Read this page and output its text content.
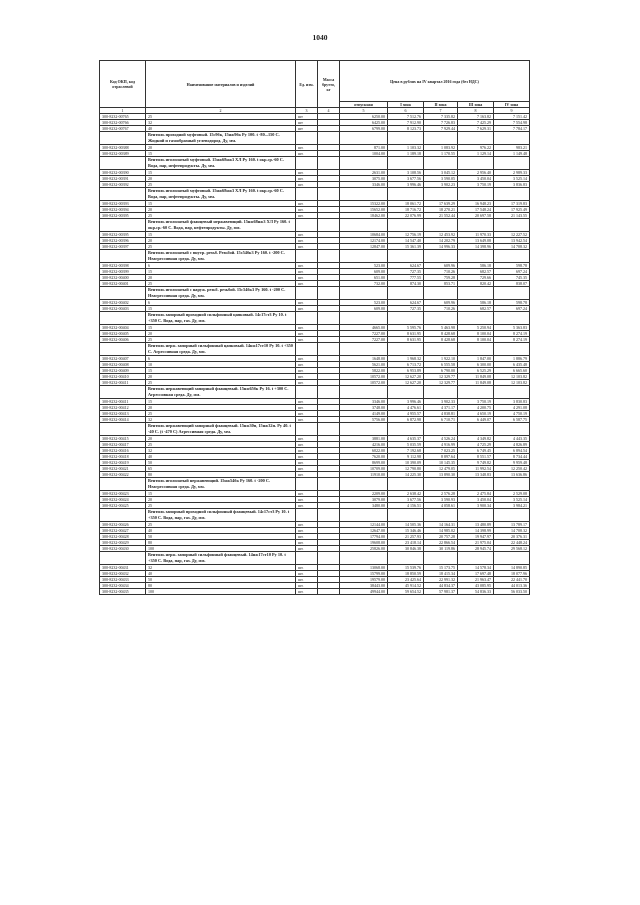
1040
Код ОКП, код отраслевой	Наименование материалов и изделий	Ед. изм.	Масса брутто, кг	Цена в рублях на IV квартал 2016 года (без НДС)				
				отпускная	I зона	II зона	III зона	IV зона
1	2	3	4	5	6	7	8	9
300-8232-00765	25	шт		6250.00	7 512.76	7 335.82	7 163.82	7 151.42
300-8232-00766	32	шт		6425.00	7 912.90	7 726.83	7 425.29	7 554.98
300-8232-00767	40	шт		6799.00	8 123.73	7 929.44	7 629.31	7 784.17
	Вентиль проходной муфтовый. 15с9бк, 15нж9бк Ру 100. t -80...150 С. Жидкий и газообразный углеводород. Ду, мм.							
300-8232-00388	20	шт.		871.00	1 103.32	1 083.92	976.22	983.21
300-8232-00389	15	шт.		1004.00	1 189.18	1 170.55	1 129.14	1 149.48
	Вентиль игольчатый муфтовый. 15нж68нж3 ХЛ Ру 160. t окр.ср.-60 С. Вода, пар, нефтепродукты. Ду, мм.							
300-8232-00390	15	шт.		2631.00	3 108.56	3 045.12	2 956.40	2 989.33
300-8232-00391	20	шт.		3075.00	3 677.56	3 590.05	3 450.04	3 525.14
300-8232-00392	25	шт.		3346.00	3 996.46	3 902.23	3 750.19	3 836.83
	Вентиль игольчатый муфтовый. 15нж68нж3 ХЛ Ру 160. t окр.ср.-60 С. Вода, пар, нефтепродукты. Ду, мм.							
300-8232-00393	15	шт.		15322.00	18 061.72	17 639.29	16 948.23	17 319.83
300-8232-00394	20	шт.		15652.00	18 716.72	18 270.21	17 548.24	17 925.49
300-8232-00395	25	шт.		18462.00	22 076.99	21 552.44	20 697.58	21 143.55
	Вентиль игольчатый фланцевый нержавеющий. 15нж68нж3 ХЛ Ру 160. t окр.ср.-60 С. Вода, пар, нефтепродукты. Ду, мм.							
300-8232-00395	15	шт.		10684.00	12 756.19	12 453.92	11 970.33	12 227.52
300-8232-00396	20	шт.		12174.00	14 547.40	14 202.79	13 649.08	13 942.54
300-8232-00397	25	шт.		12847.00	15 361.39	14 996.33	14 398.96	14 708.32
	Вентиль игольчатый с внутр. резьб. Резьбой. 15с54бк3 Ру 160. t -200 С. Неагрессивная среда. Ду, мм.							
300-8232-00398	6	шт.		523.00	624.67	609.96	586.18	598.78
300-8232-00399	15	шт.		609.00	727.35	710.26	682.57	697.24
300-8232-00400	20	шт.		651.00	777.55	759.28	729.66	745.35
300-8232-00401	25	шт.		732.00	874.30	853.71	820.42	838.07
	Вентиль игольчатый с наруж. резьб. резьбой. 15с54бк3 Ру 160. t -200 С. Неагрессивная среда. Ду, мм.							
300-8232-00402	6	шт.		523.00	624.67	609.96	586.18	598.78
300-8232-00403	15	шт.		609.00	727.35	710.26	682.57	697.24
	Вентиль запорный проходной сильфонный цапковый. 14с17ст3 Ру 10. t +350 С. Вода, пар, газ. Ду, мм.							
300-8232-00404	15	шт.		4665.00	5 595.76	5 463.98	5 250.94	5 363.83
300-8232-00405	20	шт.		7227.00	8 631.95	8 428.68	8 100.04	8 274.19
300-8232-00406	25	шт.		7227.00	8 631.95	8 428.68	8 100.04	8 274.19
	Вентиль нерж. запорный сильфонный цапковый. 14нж17ст10 Ру 10. t +350 С. Агрессивная среда. Ду, мм.							
300-8232-00407	6	шт.		1648.00	1 968.32	1 922.10	1 847.00	1 886.79
300-8232-00408	10	шт.		5621.00	6 713.72	6 555.58	6 300.00	6 435.48
300-8232-00409	15	шт.		5822.00	6 953.89	6 790.00	6 525.29	6 665.60
300-8232-00410	20	шт.		10572.00	12 627.20	12 329.77	11 849.08	12 103.82
300-8232-00411	25	шт.		10572.00	12 627.20	12 329.77	11 849.08	12 103.82
	Вентиль нержавеющий запорный фланцевый. 15нж65бк Ру 16. t +300 С. Агрессивная среда. Ду, мм.							
300-8232-00411	15	шт.		3346.00	3 996.46	3 902.33	3 750.19	3 830.83
300-8232-00412	20	шт.		3748.00	4 476.61	4 371.17	4 200.75	4 291.08
300-8232-00413	25	шт.		4149.00	4 955.57	4 838.81	4 650.19	4 750.19
300-8232-00414	32	шт.		5756.00	6 872.98	6 710.71	6 449.07	6 587.75
	Вентиль нержавеющий запорный фланцевый. 15нж30п, 15нж32п. Ру 40. t -40 С. (t -470 С) Агрессивная среда. Ду, мм.							
300-8232-00415	20	шт.		3881.00	4 635.37	4 526.24	4 349.82	4 443.35
300-8232-00417	25	шт.		4216.00	5 035.59	4 916.99	4 725.29	4 826.89
300-8232-00416	32	шт.		6022.00	7 192.68	7 023.25	6 749.45	6 894.54
300-8232-00418	40	шт.		7620.00	9 112.98	8 897.64	8 551.57	8 734.44
300-8232-00419	50	шт.		8699.00	10 390.09	10 145.35	9 749.82	9 959.48
300-8232-00421	65	шт.		10709.00	12 790.80	12 479.05	11 992.54	12 250.42
300-8232-00422	80	шт.		11910.00	14 225.30	13 890.30	13 348.83	13 636.86
	Вентиль игольчатый нержавеющий. 15нж54бк Ру 160. t -200 С. Неагрессивная среда. Ду, мм.							
300-8232-00423	15	шт.		2209.00	2 638.42	2 576.28	2 475.84	2 529.08
300-8232-00424	20	шт.		3079.00	3 677.56	3 590.93	3 450.04	3 525.14
300-8232-00425	25	шт.		3480.00	4 156.51	4 058.61	3 900.34	3 984.21
	Вентиль запорный проходной сильфонный фланцевый. 14с17ст3 Ру 10. t +350 С. Вода, пар, газ. Ду, мм.							
300-8232-00426	25	шт.		12144.00	14 505.36	14 164.31	13 480.89	13 789.17
300-8232-00427	40	шт.		12647.00	15 346.46	14 985.02	14 398.99	14 708.32
300-8232-00428	50	шт.		17794.00	21 257.93	20 757.28	19 947.97	20 376.31
300-8232-00429	80	шт.		19608.00	23 418.14	22 866.54	21 975.04	22 448.24
300-8232-00430	100	шт.		25826.00	30 846.38	30 119.86	28 945.74	29 568.12
	Вентиль нерж. запорный сильфонный фланцевый. 14нж17ст10 Ру 10. t +350 С. Вода, пар, газ. Ду, мм.							
300-8232-00431	32	шт.		13068.00	15 539.76	15 173.75	14 578.34	14 890.85
300-8232-00432	40	шт.		15799.00	18 850.59	18 415.34	17 697.48	18 077.96
300-8232-00433	50	шт.		19579.00	23 425.64	22 991.32	21 963.47	22 441.70
300-8232-00434	80	шт.		38443.00	45 914.52	44 834.37	43 085.95	44 013.36
300-8232-00435	100	шт.		49944.00	59 654.52	57 981.37	54 836.33	56 033.50
